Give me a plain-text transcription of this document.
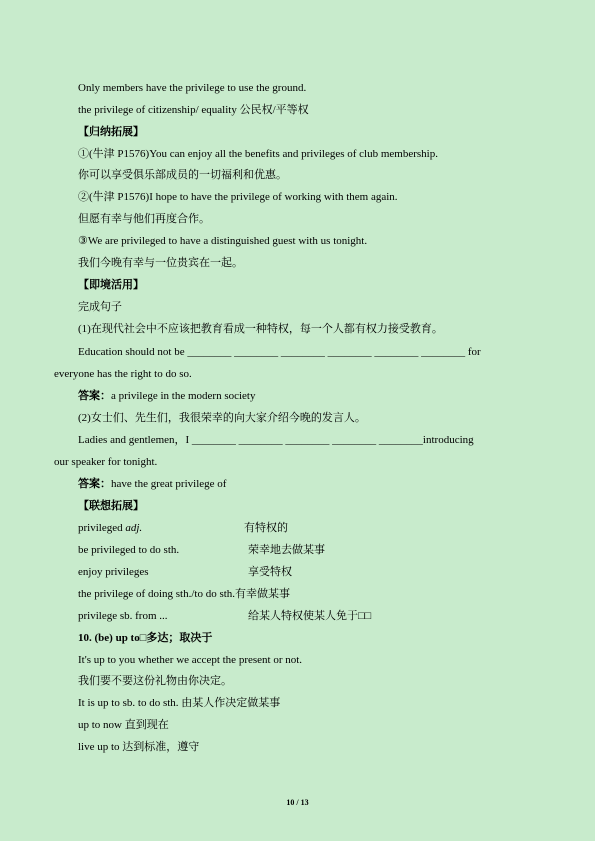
Only members have the privilege to use the ground.
the privilege of citizenship/ equality 公民权/平等权
【归纳拓展】
①(牛津 P1576)You can enjoy all the benefits and privileges of club membership.
你可以享受俱乐部成员的一切福利和优惠。
②(牛津 P1576)I hope to have the privilege of working with them again.
但愿有幸与他们再度合作。
③We are privileged to have a distinguished guest with us tonight.
我们今晚有幸与一位贵宾在一起。
【即境活用】
完成句子
(1)在现代社会中不应该把教育看成一种特权，每一个人都有权力接受教育。
Education should not be ________ ________ ________ ________ ________ ________ for
everyone has the right to do so.
答案：a privilege in the modern society
(2)女士们、先生们，我很荣幸的向大家介绍今晚的发言人。
Ladies and gentlemen，I ________ ________ ________ ________ ________introducing
our speaker for tonight.
答案：have the great privilege of
【联想拓展】
privileged adj.	有特权的
be privileged to do sth.	荣幸地去做某事
enjoy privileges	享受特权
the privilege of doing sth./to do sth.有幸做某事
privilege sb. from ...	给某人特权使某人免于□□
10. (be) up to□多达；取决于
It's up to you whether we accept the present or not.
我们要不要这份礼物由你决定。
It is up to sb. to do sth. 由某人作决定做某事
up to now 直到现在
live up to 达到标准，遵守
10 / 13
